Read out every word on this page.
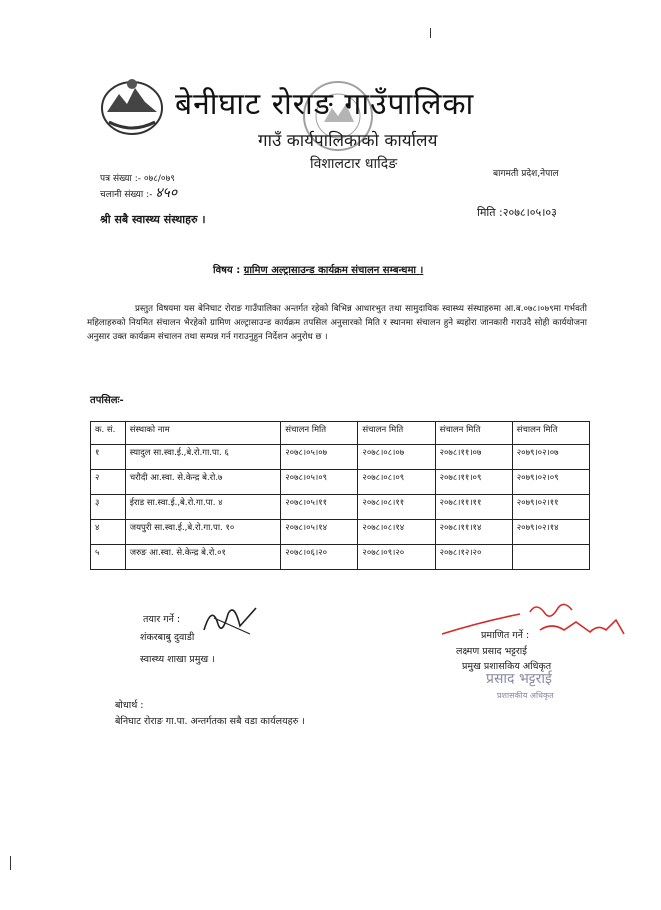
बेनीघाट रोराङ गाउँपालिका
गाउँ कार्यपालिकाको कार्यालय
विशालटार धादिङ
बागमती प्रदेश,नेपाल
पत्र संख्या :- ०७८/०७९
चलानी संख्या :- ४५०
श्री सबै स्वास्थ्य संस्थाहरु ।
मिति :२०७८।०५।०३
विषय : ग्रामिण अल्ट्रासाउन्ड कार्यक्रम संचालन सम्बन्धमा ।
प्रस्तुत विषयमा यस बेनिघाट रोराङ गाउँपालिका अन्तर्गत रहेको बिभिन्न आधारभुत तथा सामुदायिक स्वास्थ्य संस्थाहरुमा आ.ब.०७८।०७९मा गर्भवती महिलाहरुको नियमित संचालन भैरहेको ग्रामिण अल्ट्रासाउन्ड कार्यक्रम तपसिल अनुसारको मिति र स्थानमा संचालन हुने ब्यहोरा जानकारी गराउदै सोही कार्ययोजना अनुसार उक्त कार्यक्रम संचालन तथा सम्पन्न गर्न गराउनुहुन निर्देशन अनुरोध छ ।
तपसिलः-
क. सं.	संस्थाको नाम	संचालन मिति	संचालन मिति	संचालन मिति	संचालन मिति
१	स्यादुल सा.स्वा.ई.,बे.रो.गा.पा. ६	२०७८।०५।०७	२०७८।०८।०७	२०७८।११।०७	२०७९।०२।०७
२	चरौदी आ.स्वा. से.केन्द्र बे.रो.७	२०७८।०५।०९	२०७८।०८।०९	२०७८।११।०९	२०७९।०२।०९
३	ईराड सा.स्वा.ई.,बे.रो.गा.पा. ४	२०७८।०५।११	२०७८।०८।११	२०७८।११।११	२०७९।०२।११
४	जयपुरी सा.स्वा.ई.,बे.रो.गा.पा. १०	२०७८।०५।१४	२०७८।०८।१४	२०७८।११।१४	२०७९।०२।१४
५	जरुङ आ.स्वा. से.केन्द्र बे.रो.०१	२०७८।०६।२०	२०७८।०९।२०	२०७८।१२।२०	
तयार गर्ने :
शंकरबाबु दुवाडी
स्वास्थ्य शाखा प्रमुख ।
प्रमाणित गर्ने :
लक्ष्मण प्रसाद भट्टराई
प्रमुख प्रशासकिय अधिकृत
प्रसाद भट्टराई
प्रशासकीय अधिकृत
बोधार्थ :
बेनिघाट रोराङ गा.पा. अन्तर्गतका सबै वडा कार्यलयहरु ।
